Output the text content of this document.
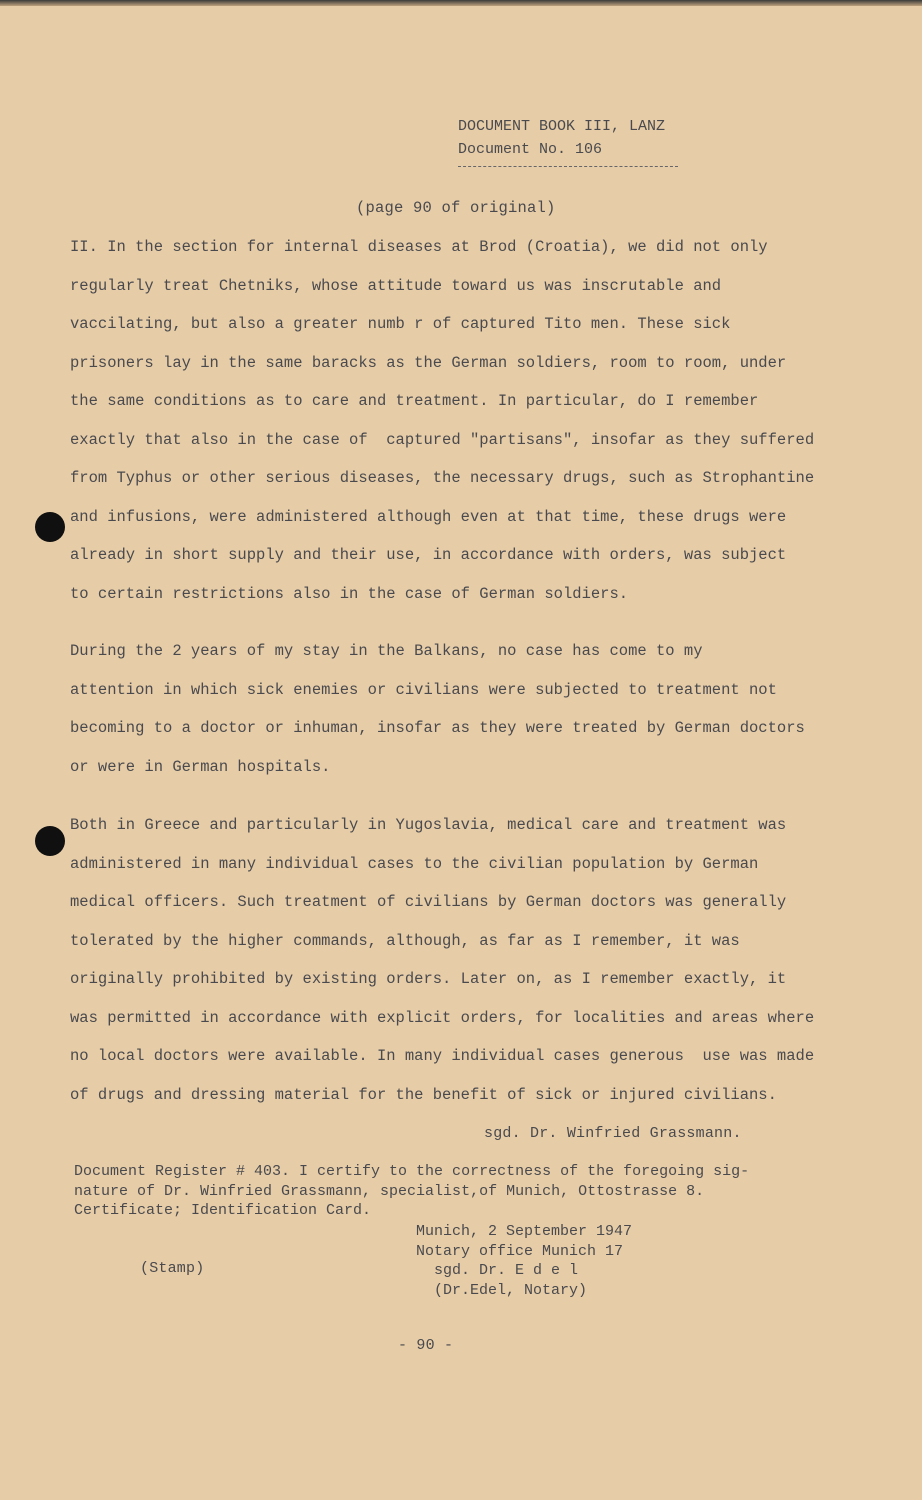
DOCUMENT BOOK III, LANZ
Document No. 106
(page 90 of original)
II. In the section for internal diseases at Brod (Croatia), we did not only
regularly treat Chetniks, whose attitude toward us was inscrutable and
vaccilating, but also a greater numb r of captured Tito men. These sick
prisoners lay in the same baracks as the German soldiers, room to room, under
the same conditions as to care and treatment. In particular, do I remember
exactly that also in the case of  captured "partisans", insofar as they suffered
from Typhus or other serious diseases, the necessary drugs, such as Strophantine
and infusions, were administered although even at that time, these drugs were
already in short supply and their use, in accordance with orders, was subject
to certain restrictions also in the case of German soldiers.
During the 2 years of my stay in the Balkans, no case has come to my
attention in which sick enemies or civilians were subjected to treatment not
becoming to a doctor or inhuman, insofar as they were treated by German doctors
or were in German hospitals.
Both in Greece and particularly in Yugoslavia, medical care and treatment was
administered in many individual cases to the civilian population by German
medical officers. Such treatment of civilians by German doctors was generally
tolerated by the higher commands, although, as far as I remember, it was
originally prohibited by existing orders. Later on, as I remember exactly, it
was permitted in accordance with explicit orders, for localities and areas where
no local doctors were available. In many individual cases generous  use was made
of drugs and dressing material for the benefit of sick or injured civilians.
sgd. Dr. Winfried Grassmann.
Document Register # 403. I certify to the correctness of the foregoing sig-
nature of Dr. Winfried Grassmann, specialist,of Munich, Ottostrasse 8.
Certificate; Identification Card.
Munich, 2 September 1947
Notary office Munich 17
sgd. Dr. E d e l
(Dr.Edel, Notary)
(Stamp)
- 90 -
